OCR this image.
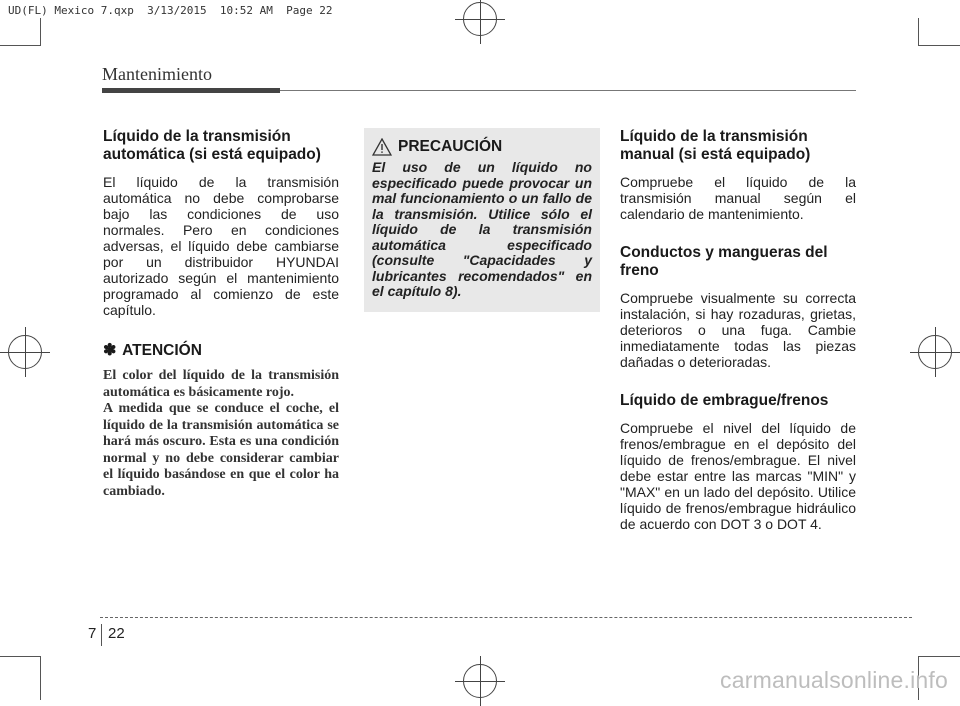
UD(FL) Mexico 7.qxp  3/13/2015  10:52 AM  Page 22
Mantenimiento
Líquido de la transmisión automática (si está equipado)

El líquido de la transmisión automática no debe comprobarse bajo las condiciones de uso normales. Pero en condiciones adversas, el líquido debe cambiarse por un distribuidor HYUNDAI autorizado según el mantenimiento programado al comienzo de este capítulo.

✽ ATENCIÓN

El color del líquido de la transmisión automática es básicamente rojo.

A medida que se conduce el coche, el líquido de la transmisión automática se hará más oscuro. Esta es una condición normal y no debe considerar cambiar el líquido basándose en que el color ha cambiado.

PRECAUCIÓN

El uso de un líquido no especificado puede provocar un mal funcionamiento o un fallo de la transmisión. Utilice sólo el líquido de la transmisión automática especificado (consulte "Capacidades y lubricantes recomendados" en el capítulo 8).

Líquido de la transmisión manual (si está equipado)

Compruebe el líquido de la transmisión manual según el calendario de mantenimiento.

Conductos y mangueras del freno

Compruebe visualmente su correcta instalación, si hay rozaduras, grietas, deterioros o una fuga. Cambie inmediatamente todas las piezas dañadas o deterioradas.

Líquido de embrague/frenos

Compruebe el nivel del líquido de frenos/embrague en el depósito del líquido de frenos/embrague. El nivel debe estar entre las marcas "MIN" y "MAX" en un lado del depósito. Utilice líquido de frenos/embrague hidráulico de acuerdo con DOT 3 o DOT 4.

7 22
carmanualsonline.info
